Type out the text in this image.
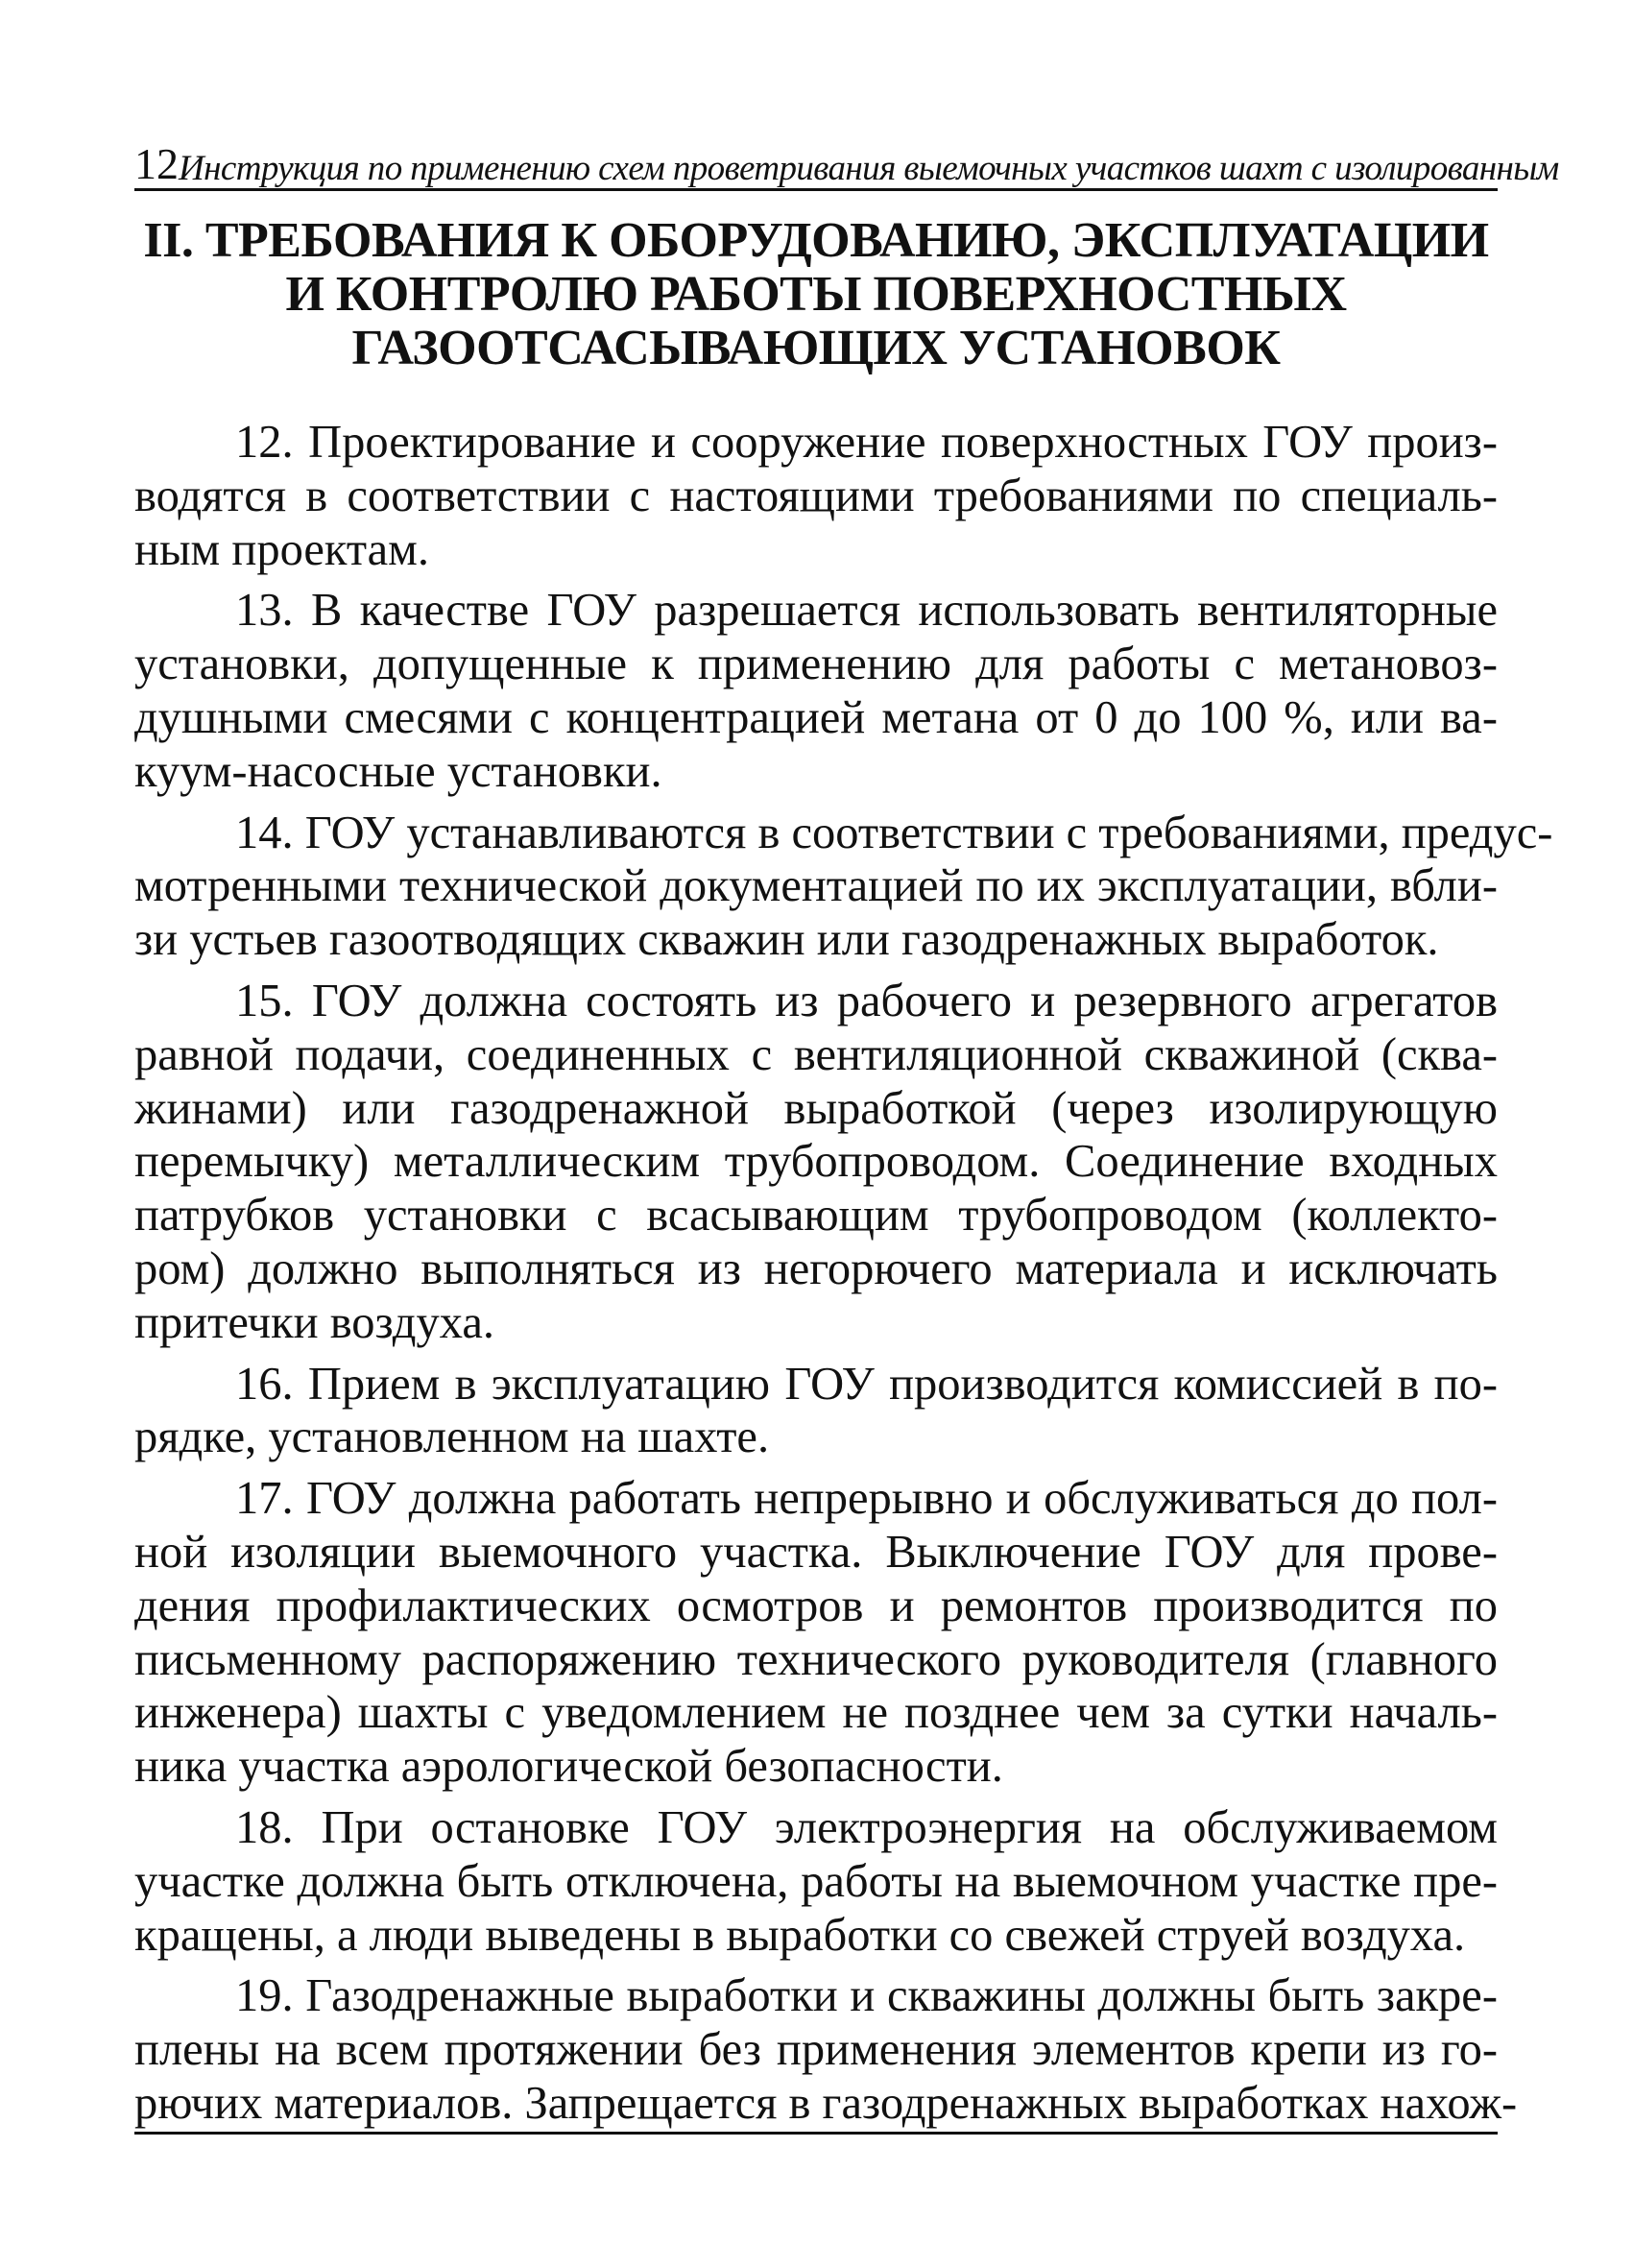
12 Инструкция по применению схем проветривания выемочных участков шахт с изолированным
II. ТРЕБОВАНИЯ К ОБОРУДОВАНИЮ, ЭКСПЛУАТАЦИИ
И КОНТРОЛЮ РАБОТЫ ПОВЕРХНОСТНЫХ
ГАЗООТСАСЫВАЮЩИХ УСТАНОВОК

12. Проектирование и сооружение поверхностных ГОУ произ-
водятся в соответствии с настоящими требованиями по специаль-
ным проектам.

13. В качестве ГОУ разрешается использовать вентиляторные
установки, допущенные к применению для работы с метановоз-
душными смесями с концентрацией метана от 0 до 100 %, или ва-
куум-насосные установки.

14. ГОУ устанавливаются в соответствии с требованиями, предус-
мотренными технической документацией по их эксплуатации, вбли-
зи устьев газоотводящих скважин или газодренажных выработок.

15. ГОУ должна состоять из рабочего и резервного агрегатов
равной подачи, соединенных с вентиляционной скважиной (сква-
жинами) или газодренажной выработкой (через изолирующую
перемычку) металлическим трубопроводом. Соединение входных
патрубков установки с всасывающим трубопроводом (коллекто-
ром) должно выполняться из негорючего материала и исключать
притечки воздуха.

16. Прием в эксплуатацию ГОУ производится комиссией в по-
рядке, установленном на шахте.

17. ГОУ должна работать непрерывно и обслуживаться до пол-
ной изоляции выемочного участка. Выключение ГОУ для прове-
дения профилактических осмотров и ремонтов производится по
письменному распоряжению технического руководителя (главного
инженера) шахты с уведомлением не позднее чем за сутки началь-
ника участка аэрологической безопасности.

18. При остановке ГОУ электроэнергия на обслуживаемом
участке должна быть отключена, работы на выемочном участке пре-
кращены, а люди выведены в выработки со свежей струей воздуха.

19. Газодренажные выработки и скважины должны быть закре-
плены на всем протяжении без применения элементов крепи из го-
рючих материалов. Запрещается в газодренажных выработках нахож-
